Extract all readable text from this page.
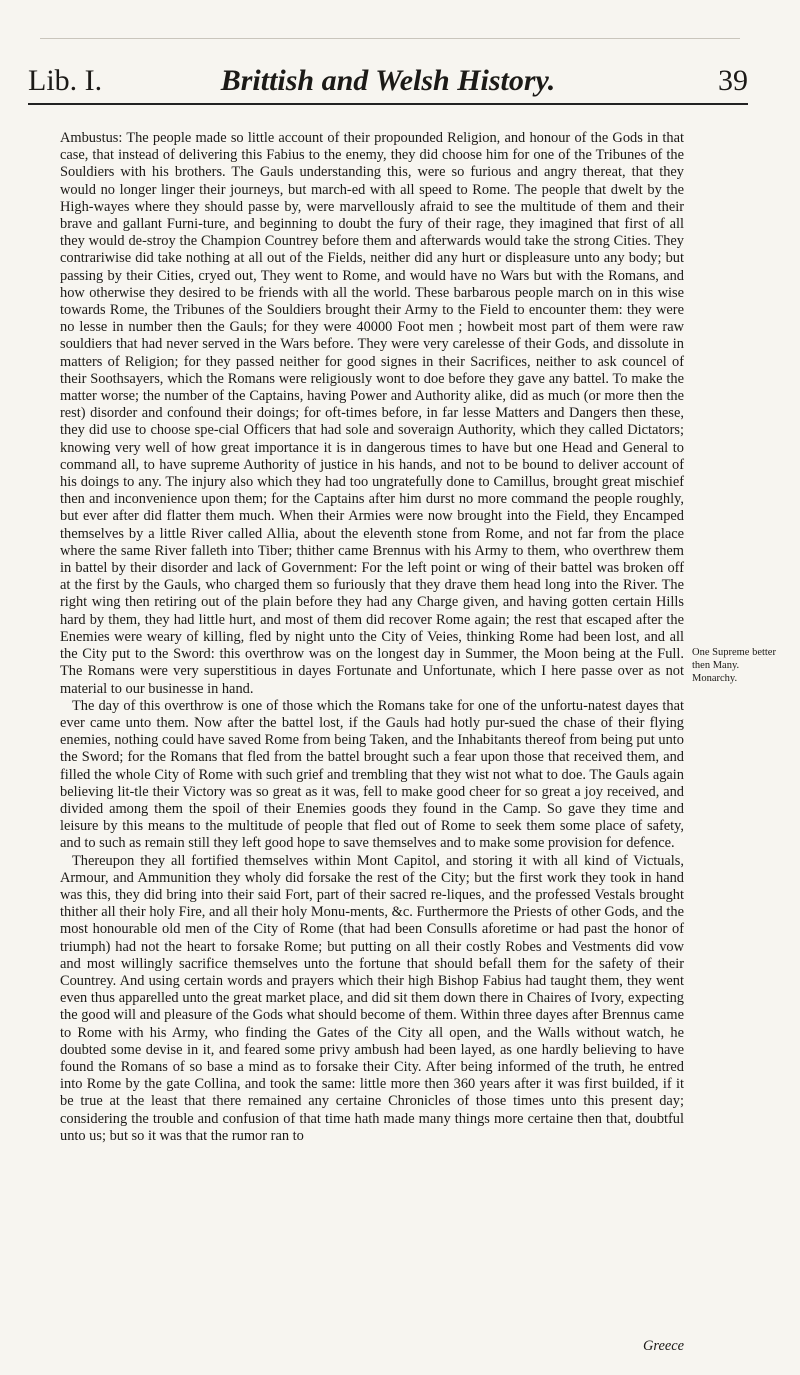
Lib. I.	Brittish and Welsh History.	39

Ambustus: The people made so little account of their propounded Religion, and honour of the Gods in that case, that instead of delivering this Fabius to the enemy, they did choose him for one of the Tribunes of the Souldiers with his brothers. The Gauls understanding this, were so furious and angry thereat, that they would no longer linger their journeys, but march-ed with all speed to Rome. The people that dwelt by the High-wayes where they should passe by, were marvellously afraid to see the multitude of them and their brave and gallant Furni-ture, and beginning to doubt the fury of their rage, they imagined that first of all they would de-stroy the Champion Countrey before them and afterwards would take the strong Cities. They contrariwise did take nothing at all out of the Fields, neither did any hurt or displeasure unto any body; but passing by their Cities, cryed out, They went to Rome, and would have no Wars but with the Romans, and how otherwise they desired to be friends with all the world. These barbarous people march on in this wise towards Rome, the Tribunes of the Souldiers brought their Army to the Field to encounter them: they were no lesse in number then the Gauls; for they were 40000 Foot men ; howbeit most part of them were raw souldiers that had never served in the Wars before. They were very carelesse of their Gods, and dissolute in matters of Religion; for they passed neither for good signes in their Sacrifices, neither to ask councel of their Soothsayers, which the Romans were religiously wont to doe before they gave any battel. To make the matter worse; the number of the Captains, having Power and Authority alike, did as much (or more then the rest) disorder and confound their doings; for oft-times before, in far lesse Matters and Dangers then these, they did use to choose spe-cial Officers that had sole and soveraign Authority, which they called Dictators; knowing very well of how great importance it is in dangerous times to have but one Head and General to command all, to have supreme Authority of justice in his hands, and not to be bound to deliver account of his doings to any. The injury also which they had too ungratefully done to Camillus, brought great mischief then and inconvenience upon them; for the Captains after him durst no more command the people roughly, but ever after did flatter them much. When their Armies were now brought into the Field, they Encamped themselves by a little River called Allia, about the eleventh stone from Rome, and not far from the place where the same River falleth into Tiber; thither came Brennus with his Army to them, who overthrew them in battel by their disorder and lack of Government: For the left point or wing of their battel was broken off at the first by the Gauls, who charged them so furiously that they drave them head long into the River. The right wing then retiring out of the plain before they had any Charge given, and having gotten certain Hills hard by them, they had little hurt, and most of them did recover Rome again; the rest that escaped after the Enemies were weary of killing, fled by night unto the City of Veies, thinking Rome had been lost, and all the City put to the Sword: this overthrow was on the longest day in Summer, the Moon being at the Full. The Romans were very superstitious in dayes Fortunate and Unfortunate, which I here passe over as not material to our businesse in hand.

The day of this overthrow is one of those which the Romans take for one of the unfortu-natest dayes that ever came unto them. Now after the battel lost, if the Gauls had hotly pur-sued the chase of their flying enemies, nothing could have saved Rome from being Taken, and the Inhabitants thereof from being put unto the Sword; for the Romans that fled from the battel brought such a fear upon those that received them, and filled the whole City of Rome with such grief and trembling that they wist not what to doe. The Gauls again believing lit-tle their Victory was so great as it was, fell to make good cheer for so great a joy received, and divided among them the spoil of their Enemies goods they found in the Camp. So gave they time and leisure by this means to the multitude of people that fled out of Rome to seek them some place of safety, and to such as remain still they left good hope to save themselves and to make some provision for defence.

Thereupon they all fortified themselves within Mont Capitol, and storing it with all kind of Victuals, Armour, and Ammunition they wholy did forsake the rest of the City; but the first work they took in hand was this, they did bring into their said Fort, part of their sacred re-liques, and the professed Vestals brought thither all their holy Fire, and all their holy Monu-ments, &c. Furthermore the Priests of other Gods, and the most honourable old men of the City of Rome (that had been Consulls aforetime or had past the honor of triumph) had not the heart to forsake Rome; but putting on all their costly Robes and Vestments did vow and most willingly sacrifice themselves unto the fortune that should befall them for the safety of their Countrey. And using certain words and prayers which their high Bishop Fabius had taught them, they went even thus apparelled unto the great market place, and did sit them down there in Chaires of Ivory, expecting the good will and pleasure of the Gods what should become of them. Within three dayes after Brennus came to Rome with his Army, who finding the Gates of the City all open, and the Walls without watch, he doubted some devise in it, and feared some privy ambush had been layed, as one hardly believing to have found the Romans of so base a mind as to forsake their City. After being informed of the truth, he entred into Rome by the gate Collina, and took the same: little more then 360 years after it was first builded, if it be true at the least that there remained any certaine Chronicles of those times unto this present day; considering the trouble and confusion of that time hath made many things more certaine then that, doubtful unto us; but so it was that the rumor ran to

One Supreme better then Many. Monarchy.
Greece
